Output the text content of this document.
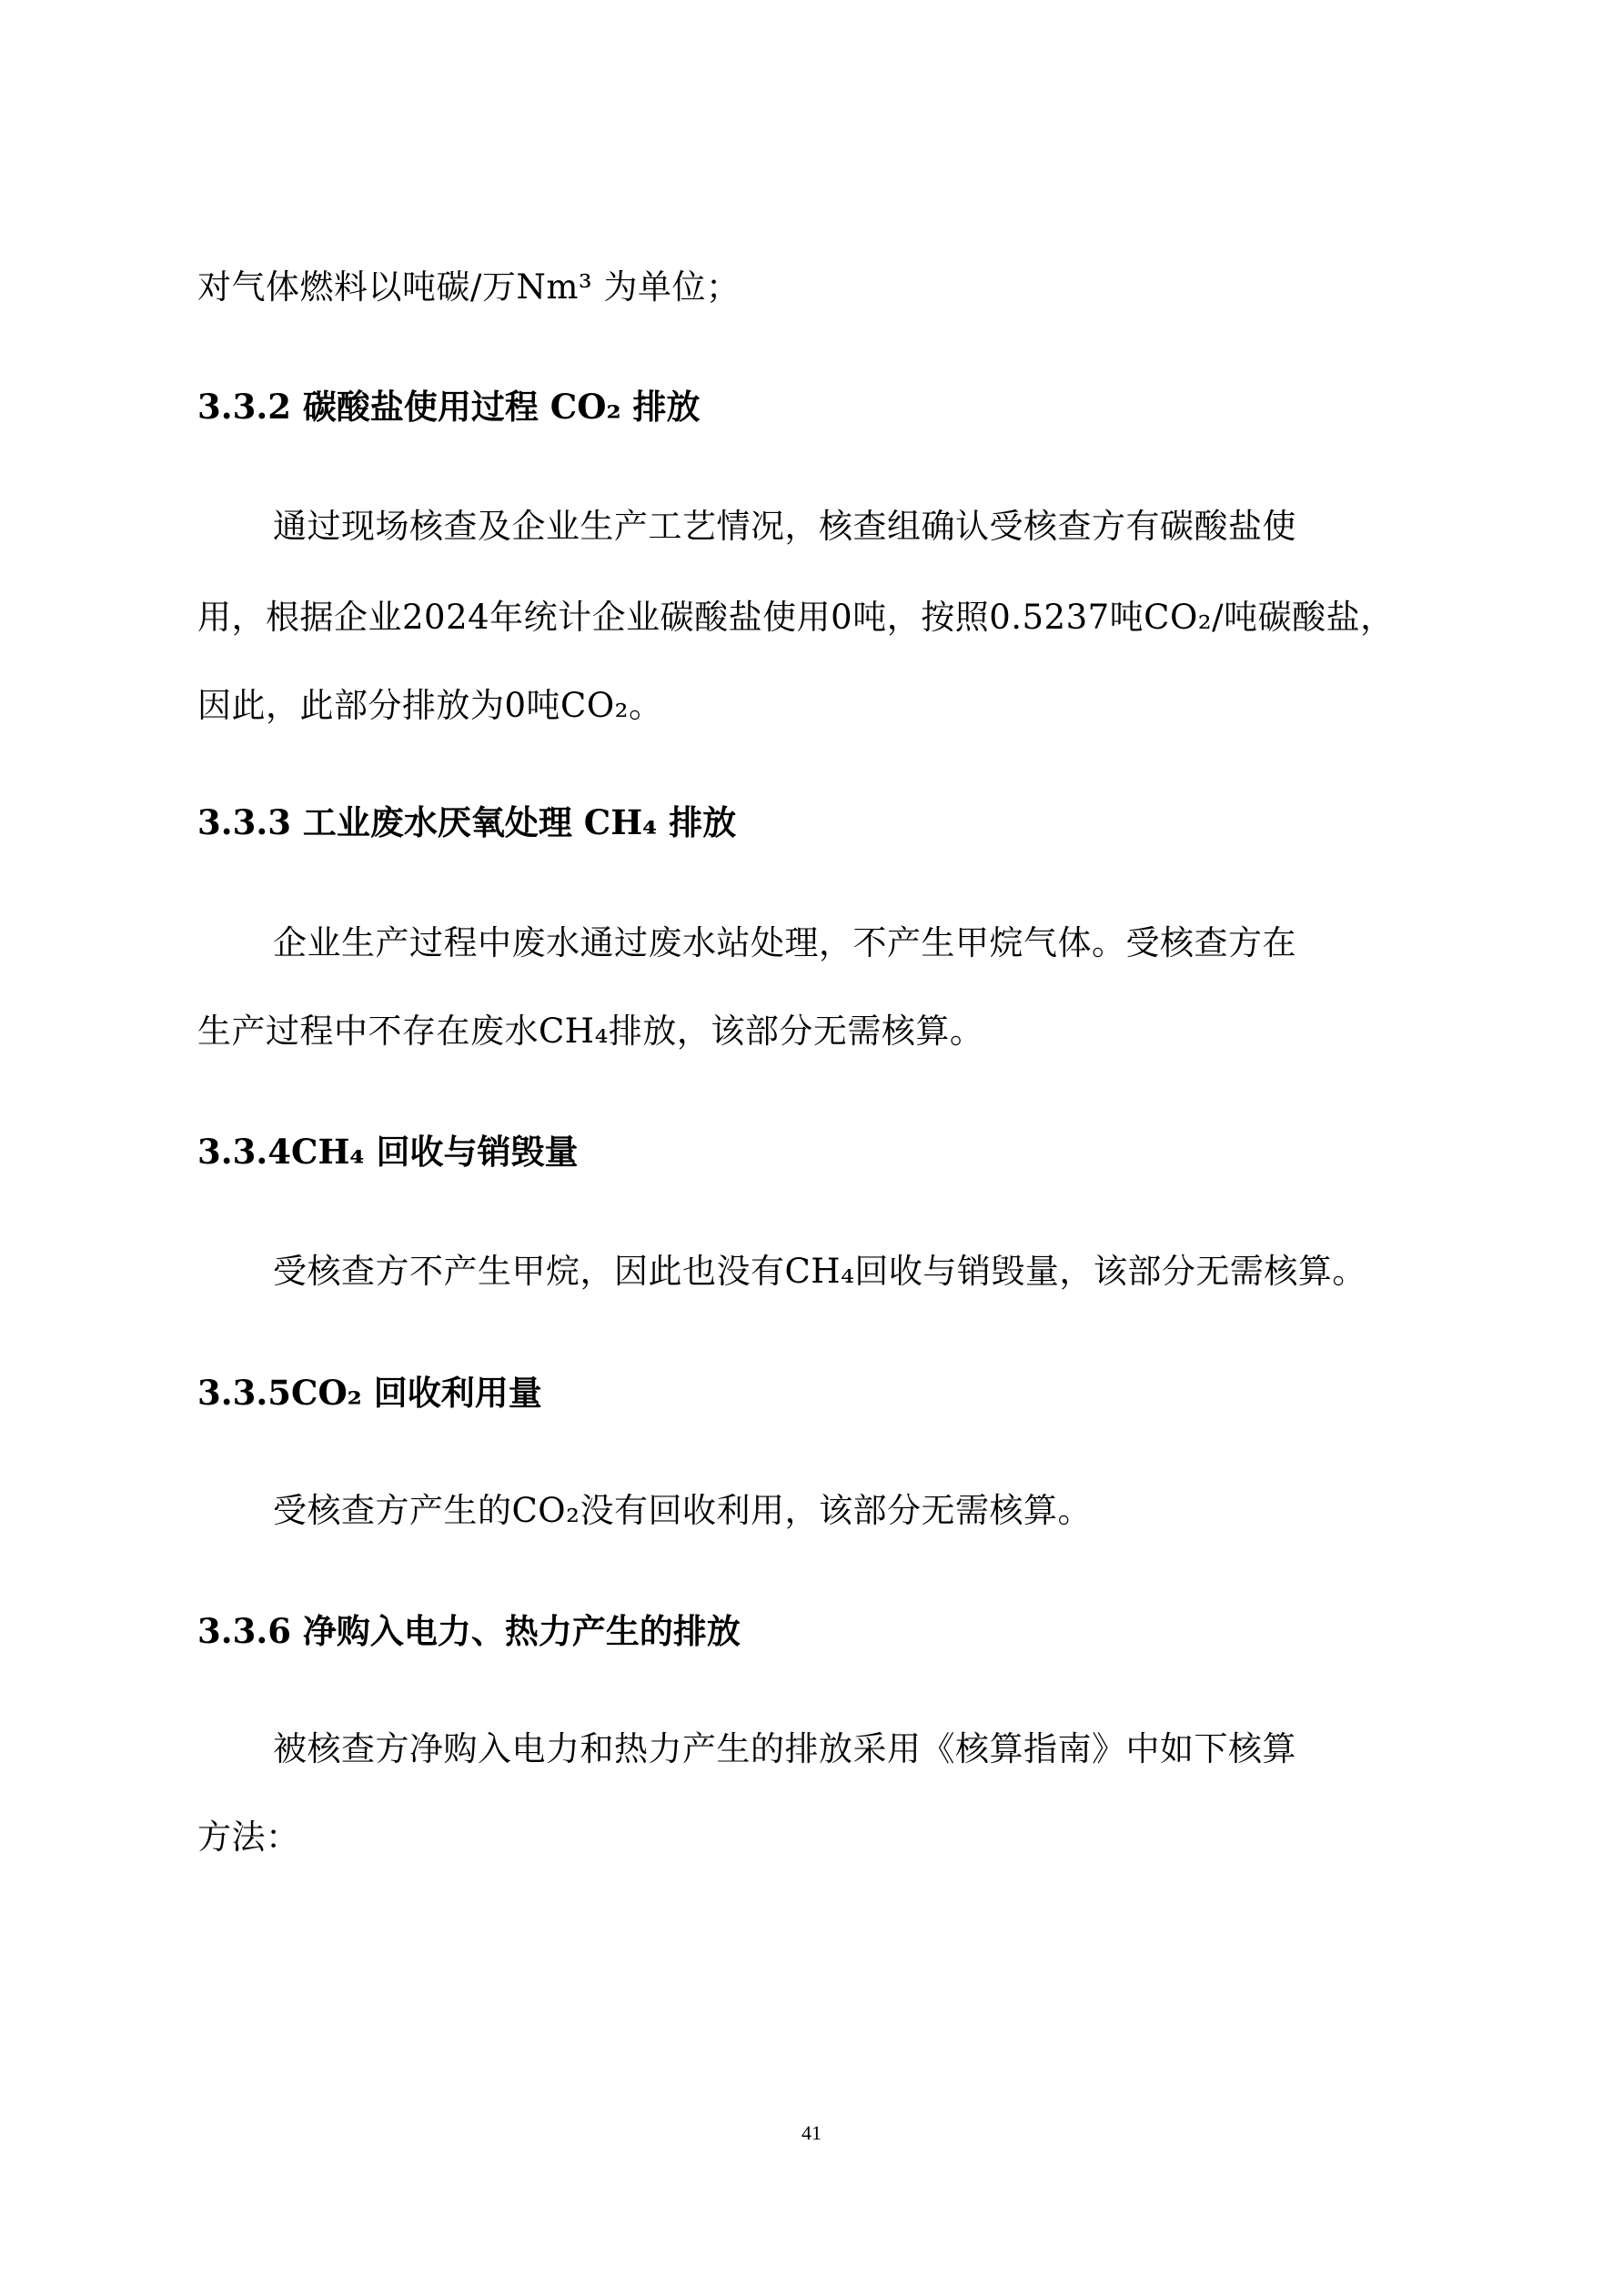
对气体燃料以吨碳/万Nm³ 为单位；
3.3.2 碳酸盐使用过程 CO₂ 排放
通过现场核查及企业生产工艺情况，核查组确认受核查方有碳酸盐使
用，根据企业2024年统计企业碳酸盐使用0吨，按照0.5237吨CO₂/吨碳酸盐，
因此，此部分排放为0吨CO₂。
3.3.3 工业废水厌氧处理 CH₄ 排放
企业生产过程中废水通过废水站处理，不产生甲烷气体。受核查方在
生产过程中不存在废水CH₄排放，该部分无需核算。
3.3.4CH₄ 回收与销毁量
受核查方不产生甲烷，因此也没有CH₄回收与销毁量，该部分无需核算。
3.3.5CO₂ 回收利用量
受核查方产生的CO₂没有回收利用，该部分无需核算。
3.3.6 净购入电力、热力产生的排放
被核查方净购入电力和热力产生的排放采用《核算指南》中如下核算
方法：
41
